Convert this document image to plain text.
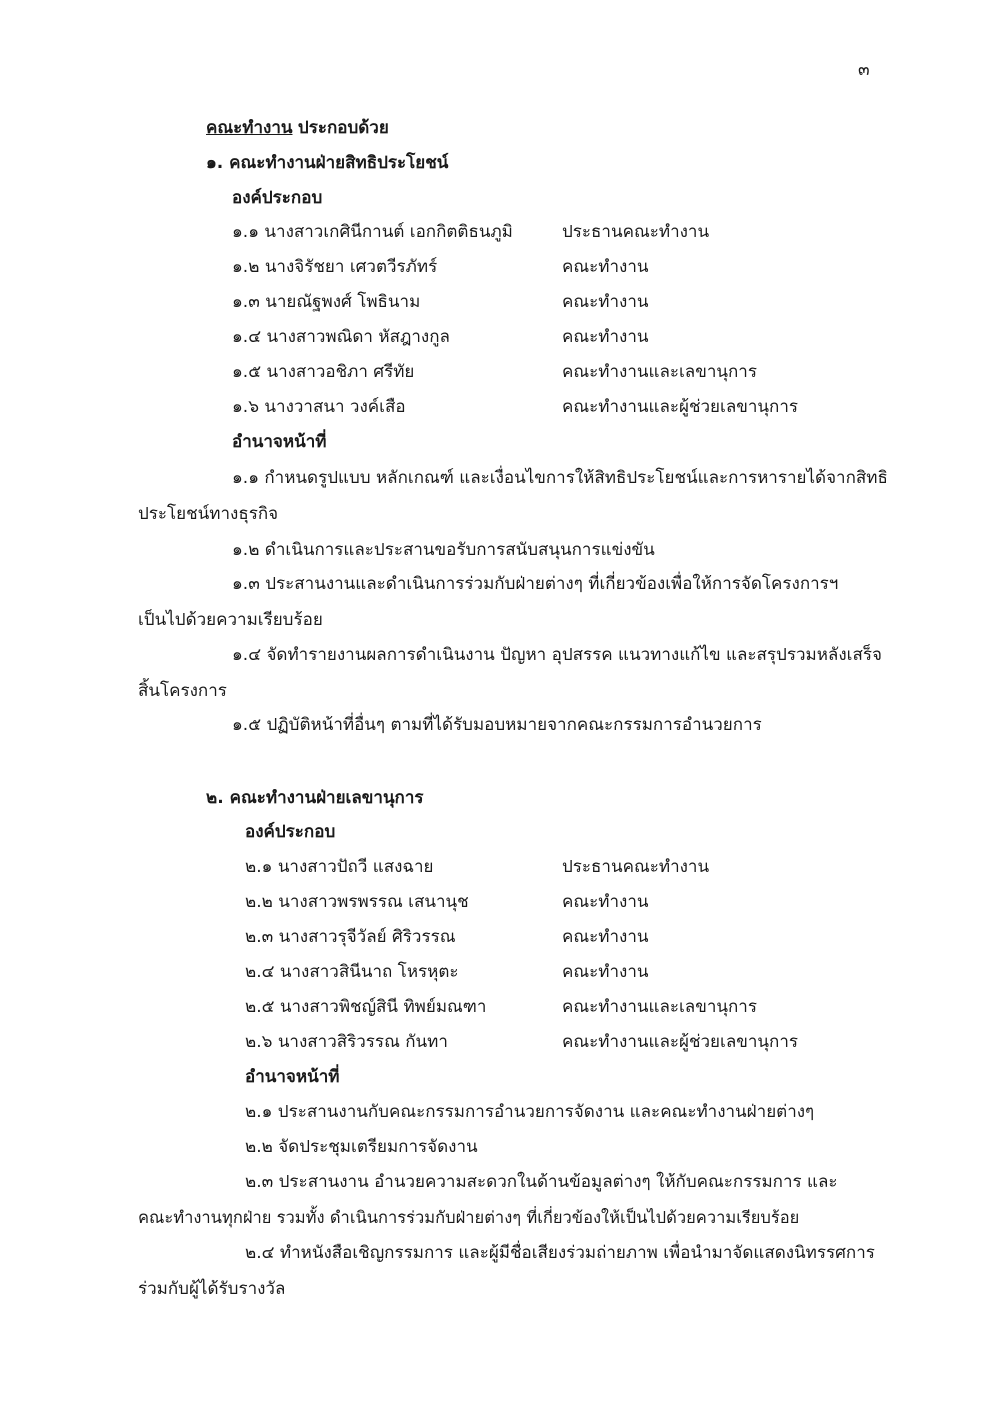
๓
คณะทำงาน ประกอบด้วย
๑. คณะทำงานฝ่ายสิทธิประโยชน์
องค์ประกอบ
๑.๑ นางสาวเกศินีกานต์ เอกกิตติธนภูมิ	ประธานคณะทำงาน
๑.๒ นางจิรัชยา เศวตวีรภัทร์	คณะทำงาน
๑.๓ นายณัฐพงศ์ โพธินาม	คณะทำงาน
๑.๔ นางสาวพณิดา หัสฎางกูล	คณะทำงาน
๑.๕ นางสาวอชิภา ศรีทัย	คณะทำงานและเลขานุการ
๑.๖ นางวาสนา วงค์เสือ	คณะทำงานและผู้ช่วยเลขานุการ
อำนาจหน้าที่
๑.๑ กำหนดรูปแบบ หลักเกณฑ์ และเงื่อนไขการให้สิทธิประโยชน์และการหารายได้จากสิทธิ
ประโยชน์ทางธุรกิจ
๑.๒ ดำเนินการและประสานขอรับการสนับสนุนการแข่งขัน
๑.๓ ประสานงานและดำเนินการร่วมกับฝ่ายต่างๆ ที่เกี่ยวข้องเพื่อให้การจัดโครงการฯ
เป็นไปด้วยความเรียบร้อย
๑.๔ จัดทำรายงานผลการดำเนินงาน ปัญหา อุปสรรค แนวทางแก้ไข และสรุปรวมหลังเสร็จ
สิ้นโครงการ
๑.๕ ปฏิบัติหน้าที่อื่นๆ ตามที่ได้รับมอบหมายจากคณะกรรมการอำนวยการ
๒. คณะทำงานฝ่ายเลขานุการ
องค์ประกอบ
๒.๑ นางสาวปัถวี แสงฉาย	ประธานคณะทำงาน
๒.๒ นางสาวพรพรรณ เสนานุช	คณะทำงาน
๒.๓ นางสาวรุจีวัลย์ ศิริวรรณ	คณะทำงาน
๒.๔ นางสาวสินีนาถ โหรหุตะ	คณะทำงาน
๒.๕ นางสาวพิชญ์สินี ทิพย์มณฑา	คณะทำงานและเลขานุการ
๒.๖ นางสาวสิริวรรณ กันทา	คณะทำงานและผู้ช่วยเลขานุการ
อำนาจหน้าที่
๒.๑ ประสานงานกับคณะกรรมการอำนวยการจัดงาน และคณะทำงานฝ่ายต่างๆ
๒.๒ จัดประชุมเตรียมการจัดงาน
๒.๓ ประสานงาน อำนวยความสะดวกในด้านข้อมูลต่างๆ ให้กับคณะกรรมการ และ
คณะทำงานทุกฝ่าย รวมทั้ง ดำเนินการร่วมกับฝ่ายต่างๆ ที่เกี่ยวข้องให้เป็นไปด้วยความเรียบร้อย
๒.๔ ทำหนังสือเชิญกรรมการ และผู้มีชื่อเสียงร่วมถ่ายภาพ เพื่อนำมาจัดแสดงนิทรรศการ
ร่วมกับผู้ได้รับรางวัล
